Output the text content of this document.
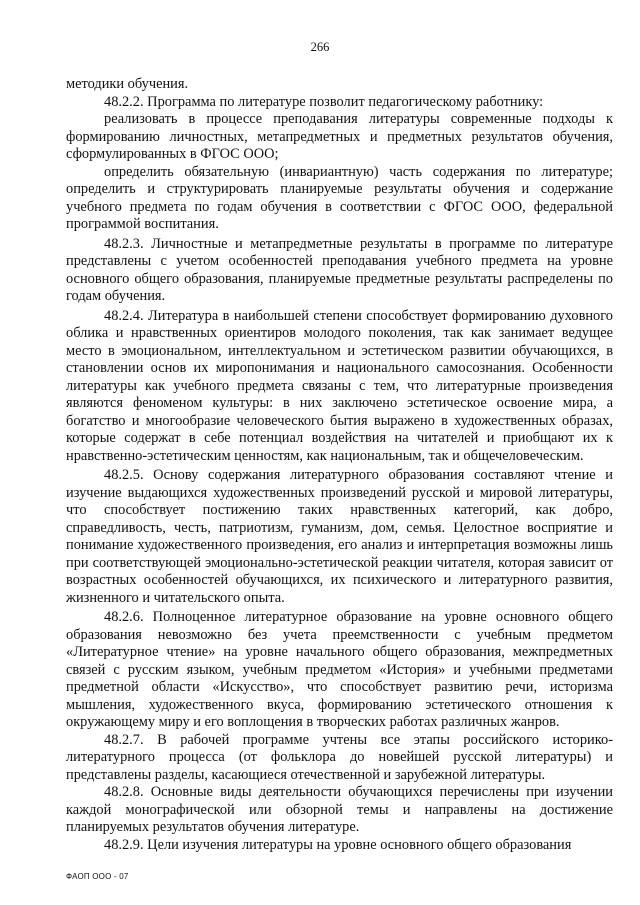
266

методики обучения.

48.2.2. Программа по литературе позволит педагогическому работнику:

реализовать в процессе преподавания литературы современные подходы к формированию личностных, метапредметных и предметных результатов обучения, сформулированных в ФГОС ООО;

определить обязательную (инвариантную) часть содержания по литературе; определить и структурировать планируемые результаты обучения и содержание учебного предмета по годам обучения в соответствии с ФГОС ООО, федеральной программой воспитания.

48.2.3. Личностные и метапредметные результаты в программе по литературе представлены с учетом особенностей преподавания учебного предмета на уровне основного общего образования, планируемые предметные результаты распределены по годам обучения.

48.2.4. Литература в наибольшей степени способствует формированию духовного облика и нравственных ориентиров молодого поколения, так как занимает ведущее место в эмоциональном, интеллектуальном и эстетическом развитии обучающихся, в становлении основ их миропонимания и национального самосознания. Особенности литературы как учебного предмета связаны с тем, что литературные произведения являются феноменом культуры: в них заключено эстетическое освоение мира, а богатство и многообразие человеческого бытия выражено в художественных образах, которые содержат в себе потенциал воздействия на читателей и приобщают их к нравственно-эстетическим ценностям, как национальным, так и общечеловеческим.

48.2.5. Основу содержания литературного образования составляют чтение и изучение выдающихся художественных произведений русской и мировой литературы, что способствует постижению таких нравственных категорий, как добро, справедливость, честь, патриотизм, гуманизм, дом, семья. Целостное восприятие и понимание художественного произведения, его анализ и интерпретация возможны лишь при соответствующей эмоционально-эстетической реакции читателя, которая зависит от возрастных особенностей обучающихся, их психического и литературного развития, жизненного и читательского опыта.

48.2.6. Полноценное литературное образование на уровне основного общего образования невозможно без учета преемственности с учебным предметом «Литературное чтение» на уровне начального общего образования, межпредметных связей с русским языком, учебным предметом «История» и учебными предметами предметной области «Искусство», что способствует развитию речи, историзма мышления, художественного вкуса, формированию эстетического отношения к окружающему миру и его воплощения в творческих работах различных жанров.

48.2.7. В рабочей программе учтены все этапы российского историко-литературного процесса (от фольклора до новейшей русской литературы) и представлены разделы, касающиеся отечественной и зарубежной литературы.

48.2.8. Основные виды деятельности обучающихся перечислены при изучении каждой монографической или обзорной темы и направлены на достижение планируемых результатов обучения литературе.

48.2.9. Цели изучения литературы на уровне основного общего образования

ФАОП ООО - 07
